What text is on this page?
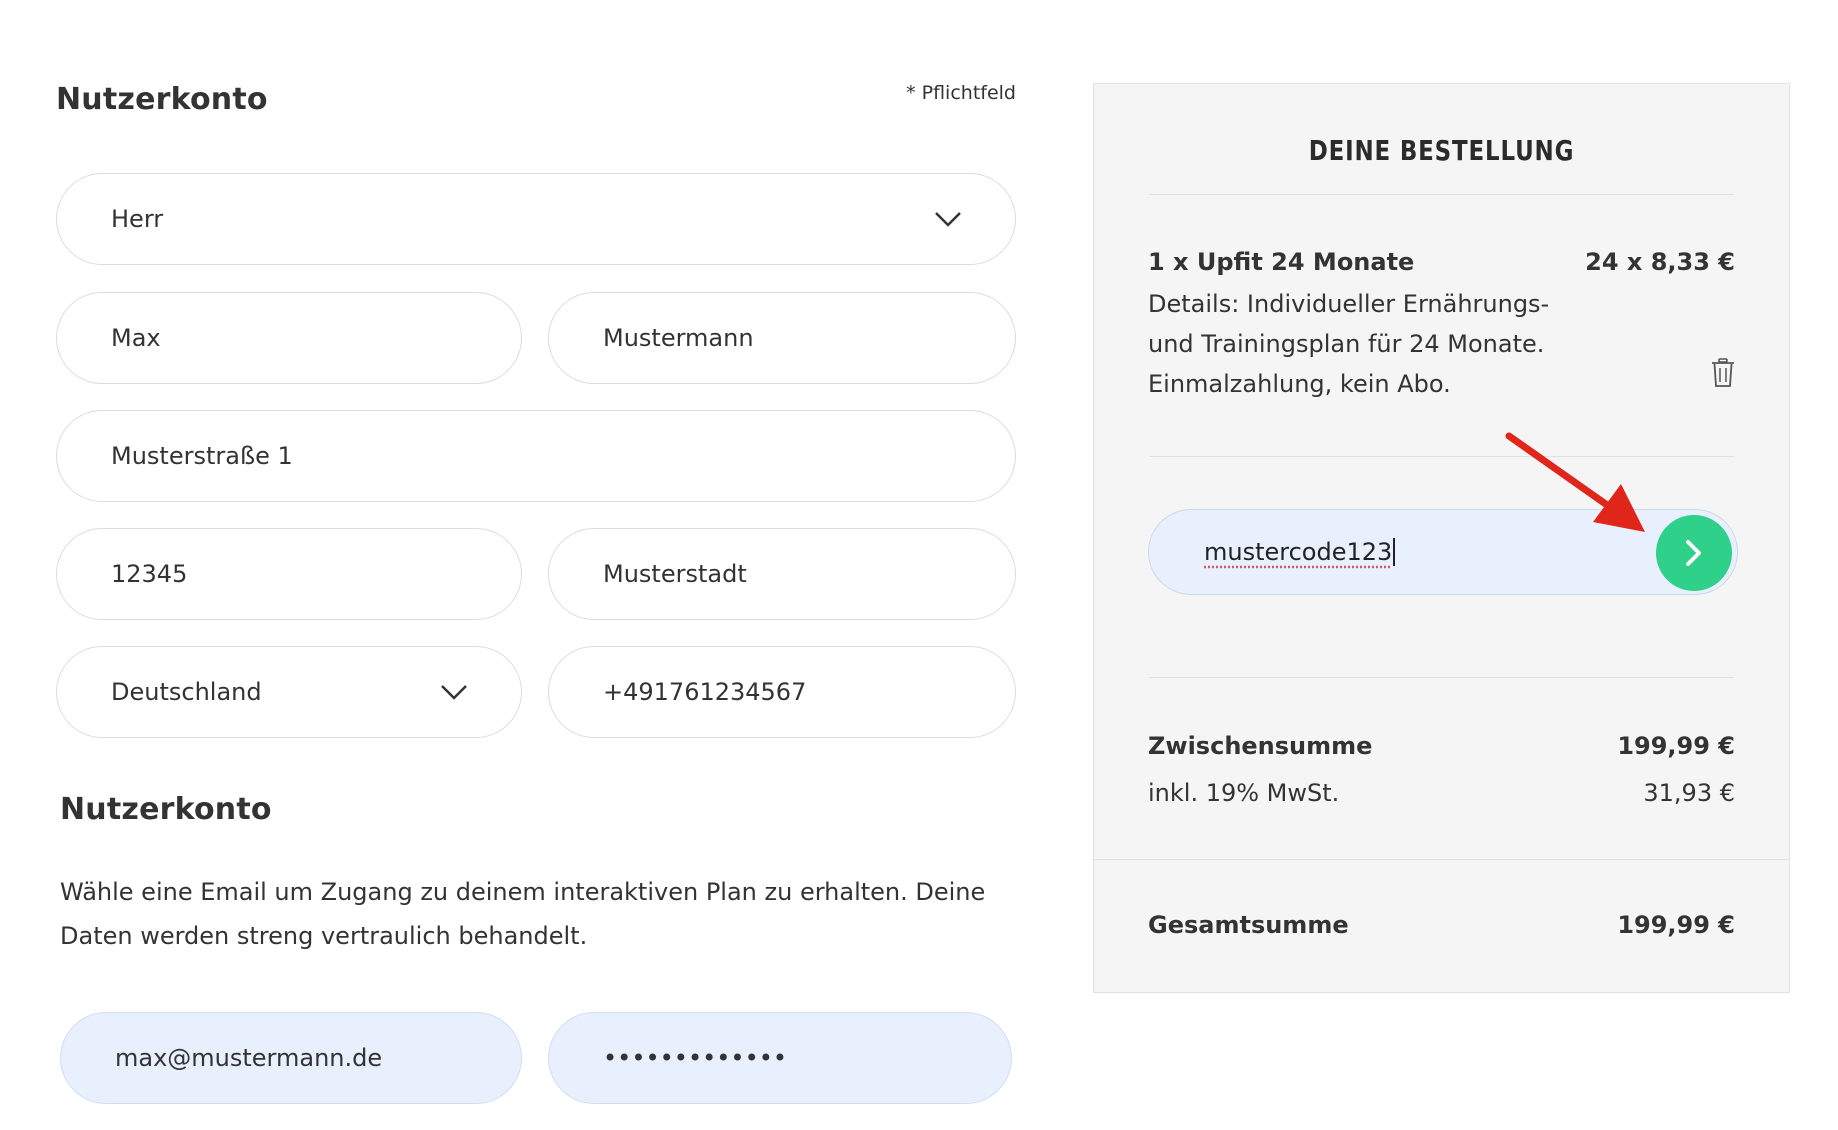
Nutzerkonto	* Pflichtfeld
Herr
Max	Mustermann
Musterstraße 1
12345	Musterstadt
Deutschland	+491761234567
Nutzerkonto
Wähle eine Email um Zugang zu deinem interaktiven Plan zu erhalten. Deine Daten werden streng vertraulich behandelt.
max@mustermann.de	•••••••••••••
DEINE BESTELLUNG
1 x Upfit 24 Monate	24 x 8,33 €
Details: Individueller Ernährungs- und Trainingsplan für 24 Monate. Einmalzahlung, kein Abo.
mustercode123
Zwischensumme	199,99 €
inkl. 19% MwSt.	31,93 €
Gesamtsumme	199,99 €
